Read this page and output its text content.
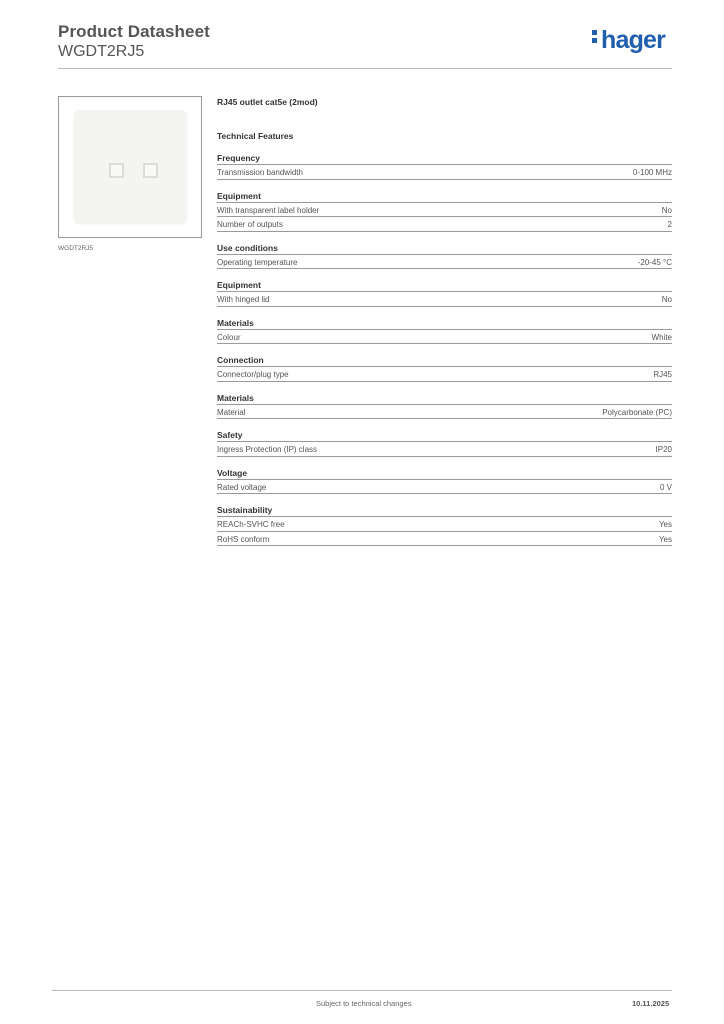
Product Datasheet
WGDT2RJ5	hager
WGDT2RJ5
RJ45 outlet cat5e (2mod)
Technical Features
Frequency
Transmission bandwidth	0-100 MHz
Equipment
With transparent label holder	No
Number of outputs	2
Use conditions
Operating temperature	-20-45 °C
Equipment
With hinged lid	No
Materials
Colour	White
Connection
Connector/plug type	RJ45
Materials
Material	Polycarbonate (PC)
Safety
Ingress Protection (IP) class	IP20
Voltage
Rated voltage	0 V
Sustainability
REACh-SVHC free	Yes
RoHS conform	Yes
Subject to technical changes	10.11.2025
